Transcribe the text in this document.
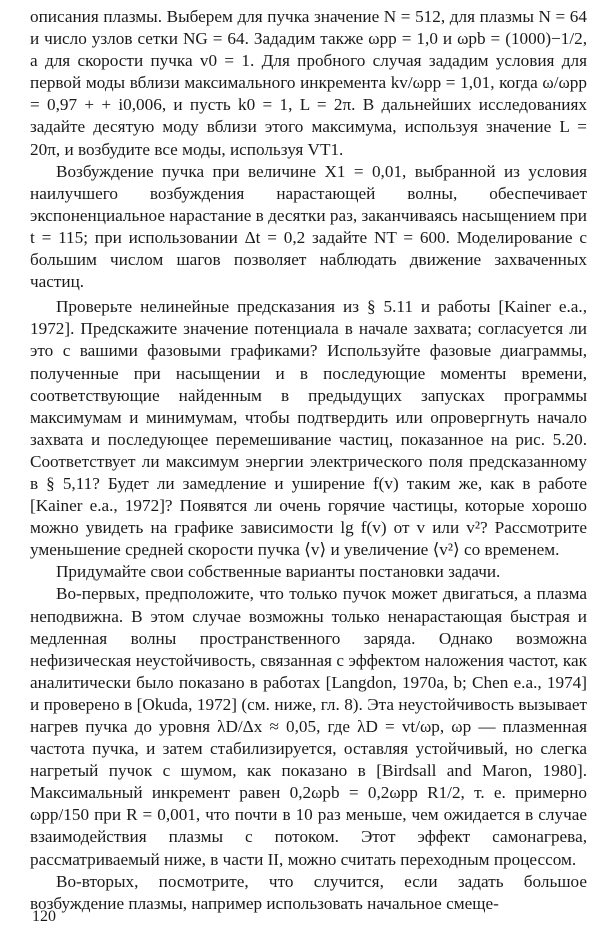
описания плазмы. Выберем для пучка значение N = 512, для плазмы N = 64 и число узлов сетки NG = 64. Зададим также ωpp = 1,0 и ωpb = (1000)−1/2, а для скорости пучка v0 = 1. Для пробного случая зададим условия для первой моды вблизи максимального инкремента kv/ωpp = 1,01, когда ω/ωpp = 0,97 + + i0,006, и пусть k0 = 1, L = 2π. В дальнейших исследованиях задайте десятую моду вблизи этого максимума, используя значение L = 20π, и возбудите все моды, используя VT1.

Возбуждение пучка при величине X1 = 0,01, выбранной из условия наилучшего возбуждения нарастающей волны, обеспечивает экспоненциальное нарастание в десятки раз, заканчиваясь насыщением при t = 115; при использовании Δt = 0,2 задайте NT = 600. Моделирование с большим числом шагов позволяет наблюдать движение захваченных частиц.

Проверьте нелинейные предсказания из § 5.11 и работы [Kainer е.а., 1972]. Предскажите значение потенциала в начале захвата; согласуется ли это с вашими фазовыми графиками? Используйте фазовые диаграммы, полученные при насыщении и в последующие моменты времени, соответствующие найденным в предыдущих запусках программы максимумам и минимумам, чтобы подтвердить или опровергнуть начало захвата и последующее перемешивание частиц, показанное на рис. 5.20. Соответствует ли максимум энергии электрического поля предсказанному в § 5,11? Будет ли замедление и уширение f(v) таким же, как в работе [Kainer е.а., 1972]? Появятся ли очень горячие частицы, которые хорошо можно увидеть на графике зависимости lg f(v) от v или v²? Рассмотрите уменьшение средней скорости пучка ⟨v⟩ и увеличение ⟨v²⟩ со временем.

Придумайте свои собственные варианты постановки задачи.

Во-первых, предположите, что только пучок может двигаться, а плазма неподвижна. В этом случае возможны только ненарастающая быстрая и медленная волны пространственного заряда. Однако возможна нефизическая неустойчивость, связанная с эффектом наложения частот, как аналитически было показано в работах [Langdon, 1970a, b; Chen е.а., 1974] и проверено в [Okuda, 1972] (см. ниже, гл. 8). Эта неустойчивость вызывает нагрев пучка до уровня λD/Δx ≈ 0,05, где λD = vt/ωp, ωp — плазменная частота пучка, и затем стабилизируется, оставляя устойчивый, но слегка нагретый пучок с шумом, как показано в [Birdsall and Maron, 1980]. Максимальный инкремент равен 0,2ωpb = 0,2ωpp R1/2, т. е. примерно ωpp/150 при R = 0,001, что почти в 10 раз меньше, чем ожидается в случае взаимодействия плазмы с потоком. Этот эффект самонагрева, рассматриваемый ниже, в части II, можно считать переходным процессом.

Во-вторых, посмотрите, что случится, если задать большое возбуждение плазмы, например использовать начальное смеще-

120
